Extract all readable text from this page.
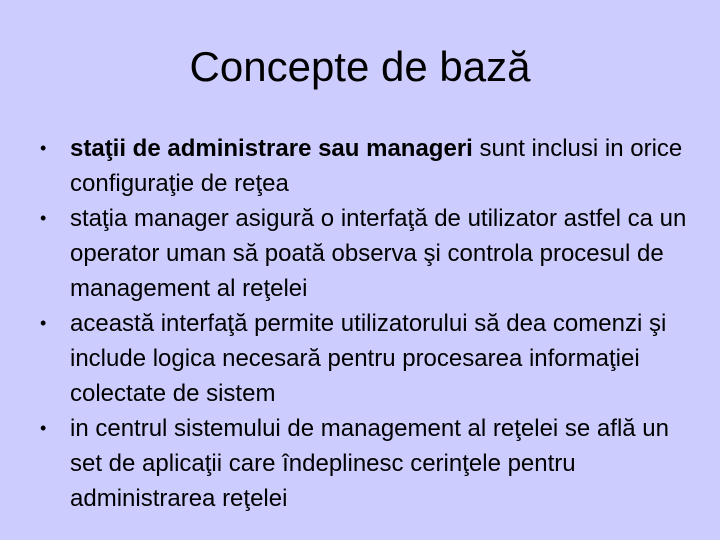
Concepte de bază
• staţii de administrare sau manageri sunt inclusi in orice configuraţie de reţea
• staţia manager asigură o interfaţă de utilizator astfel ca un operator uman să poată observa şi controla procesul de management al reţelei
• această interfaţă permite utilizatorului să dea comenzi şi include logica necesară pentru procesarea informaţiei colectate de sistem
• in centrul sistemului de management al reţelei se află un set de aplicaţii care îndeplinesc cerinţele pentru administrarea reţelei
